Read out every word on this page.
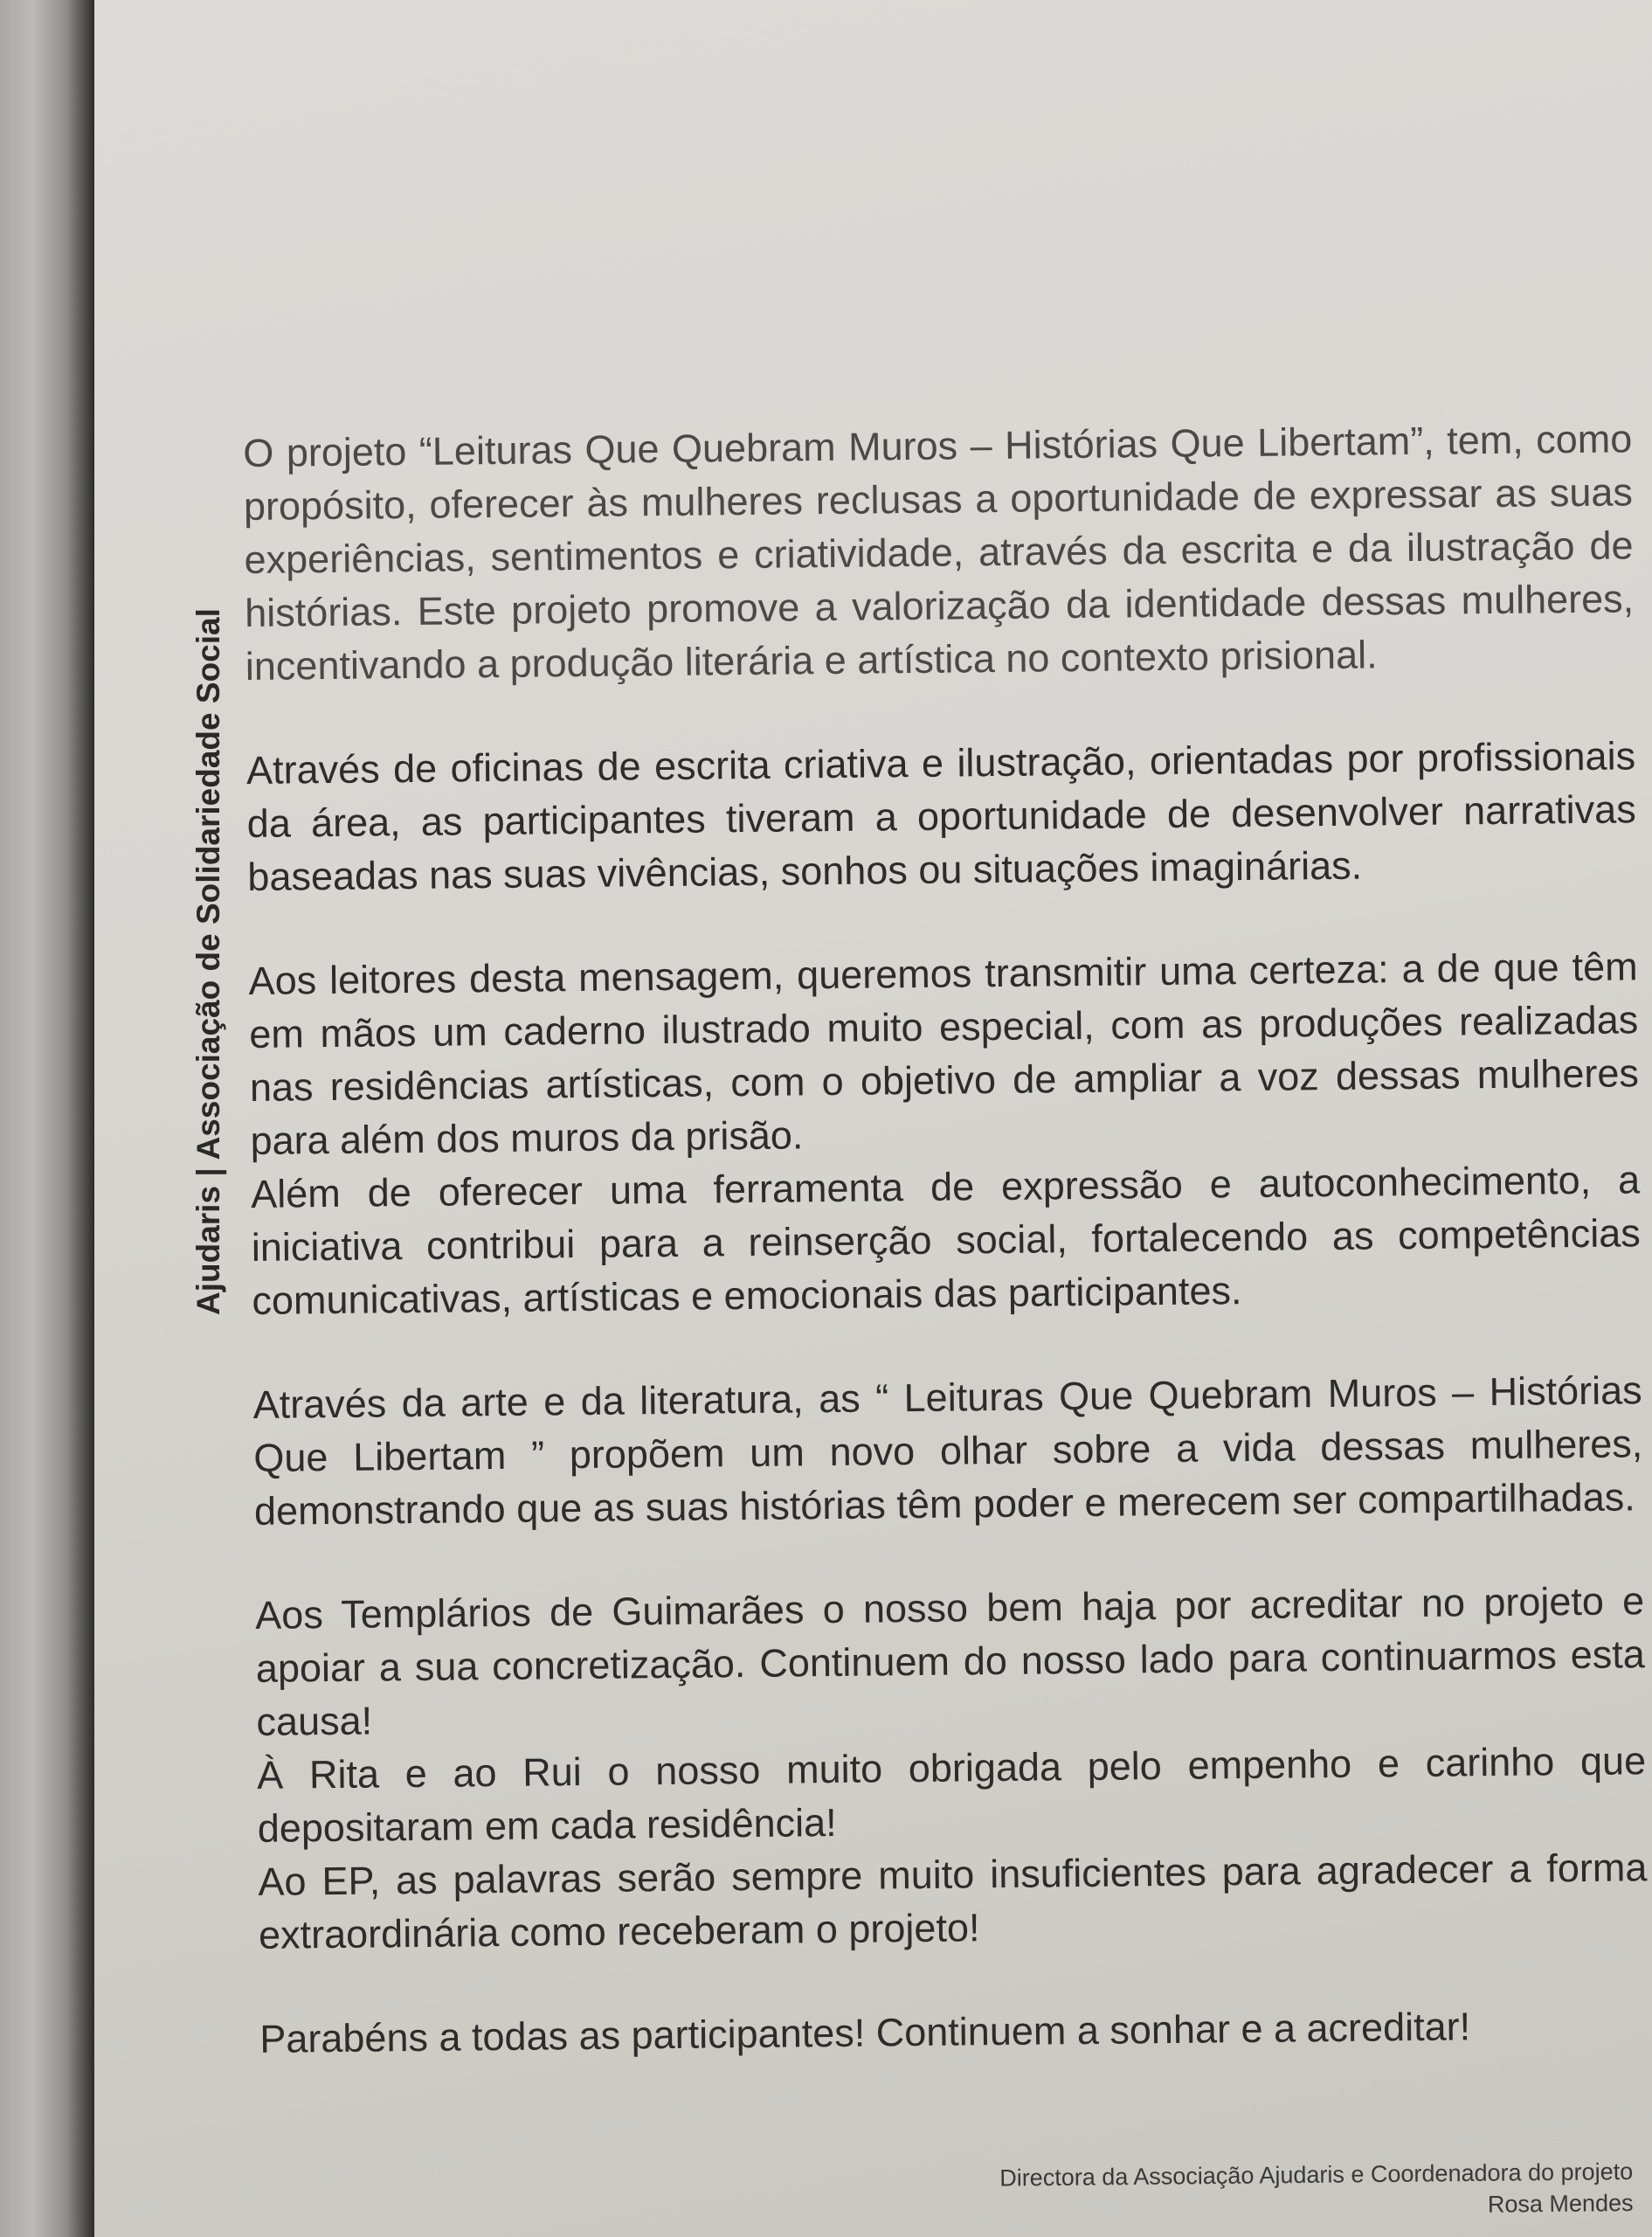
Ajudaris | Associação de Solidariedade Social

O projeto “Leituras Que Quebram Muros – Histórias Que Libertam”, tem, como propósito, oferecer às mulheres reclusas a oportunidade de expressar as suas experiências, sentimentos e criatividade, através da escrita e da ilustração de histórias. Este projeto promove a valorização da identidade dessas mulheres, incentivando a produção literária e artística no contexto prisional.

Através de oficinas de escrita criativa e ilustração, orientadas por profissionais da área, as participantes tiveram a oportunidade de desenvolver narrativas baseadas nas suas vivências, sonhos ou situações imaginárias.

Aos leitores desta mensagem, queremos transmitir uma certeza: a de que têm em mãos um caderno ilustrado muito especial, com as produções realizadas nas residências artísticas, com o objetivo de ampliar a voz dessas mulheres para além dos muros da prisão.

Além de oferecer uma ferramenta de expressão e autoconhecimento, a iniciativa contribui para a reinserção social, fortalecendo as competências comunicativas, artísticas e emocionais das participantes.

Através da arte e da literatura, as “ Leituras Que Quebram Muros – Histórias Que Libertam ” propõem um novo olhar sobre a vida dessas mulheres, demonstrando que as suas histórias têm poder e merecem ser compartilhadas.

Aos Templários de Guimarães o nosso bem haja por acreditar no projeto e apoiar a sua concretização. Continuem do nosso lado para continuarmos esta causa!

À Rita e ao Rui o nosso muito obrigada pelo empenho e carinho que depositaram em cada residência!

Ao EP, as palavras serão sempre muito insuficientes para agradecer a forma extraordinária como receberam o projeto!

Parabéns a todas as participantes! Continuem a sonhar e a acreditar!

Directora da Associação Ajudaris e Coordenadora do projeto
Rosa Mendes
